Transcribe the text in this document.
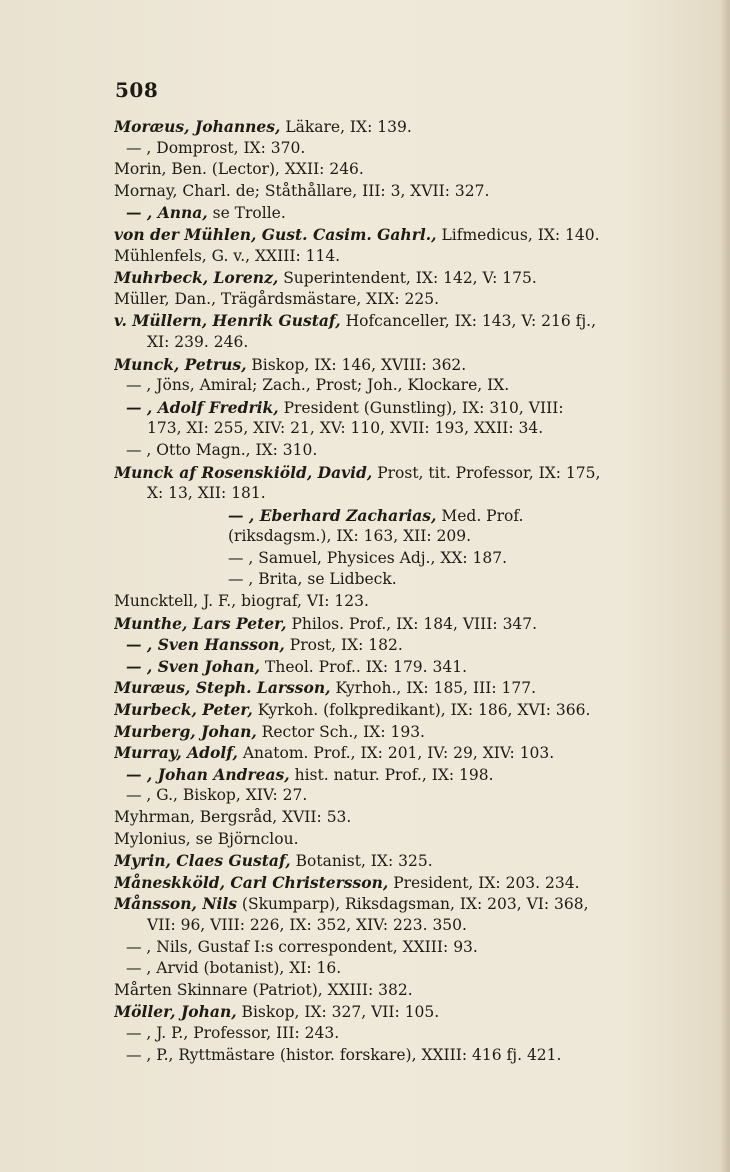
508
Moræus, Johannes, Läkare, IX: 139.
— , Domprost, IX: 370.
Morin, Ben. (Lector), XXII: 246.
Mornay, Charl. de; Ståthållare, III: 3, XVII: 327.
— , Anna, se Trolle.
von der Mühlen, Gust. Casim. Gahrl., Lifmedicus, IX: 140.
Mühlenfels, G. v., XXIII: 114.
Muhrbeck, Lorenz, Superintendent, IX: 142, V: 175.
Müller, Dan., Trägårdsmästare, XIX: 225.
v. Müllern, Henrik Gustaf, Hofcanceller, IX: 143, V: 216 fj.,
XI: 239. 246.
Munck, Petrus, Biskop, IX: 146, XVIII: 362.
— , Jöns, Amiral; Zach., Prost; Joh., Klockare, IX.
— , Adolf Fredrik, President (Gunstling), IX: 310, VIII:
173, XI: 255, XIV: 21, XV: 110, XVII: 193, XXII: 34.
— , Otto Magn., IX: 310.
Munck af Rosenskiöld, David, Prost, tit. Professor, IX: 175,
X: 13, XII: 181.
— , Eberhard Zacharias, Med. Prof.
(riksdagsm.), IX: 163, XII: 209.
— , Samuel, Physices Adj., XX: 187.
— , Brita, se Lidbeck.
Muncktell, J. F., biograf, VI: 123.
Munthe, Lars Peter, Philos. Prof., IX: 184, VIII: 347.
— , Sven Hansson, Prost, IX: 182.
— , Sven Johan, Theol. Prof.. IX: 179. 341.
Muræus, Steph. Larsson, Kyrhoh., IX: 185, III: 177.
Murbeck, Peter, Kyrkoh. (folkpredikant), IX: 186, XVI: 366.
Murberg, Johan, Rector Sch., IX: 193.
Murray, Adolf, Anatom. Prof., IX: 201, IV: 29, XIV: 103.
— , Johan Andreas, hist. natur. Prof., IX: 198.
— , G., Biskop, XIV: 27.
Myhrman, Bergsråd, XVII: 53.
Mylonius, se Björnclou.
Myrin, Claes Gustaf, Botanist, IX: 325.
Måneskköld, Carl Christersson, President, IX: 203. 234.
Månsson, Nils (Skumparp), Riksdagsman, IX: 203, VI: 368,
VII: 96, VIII: 226, IX: 352, XIV: 223. 350.
— , Nils, Gustaf I:s correspondent, XXIII: 93.
— , Arvid (botanist), XI: 16.
Mårten Skinnare (Patriot), XXIII: 382.
Möller, Johan, Biskop, IX: 327, VII: 105.
— , J. P., Professor, III: 243.
— , P., Ryttmästare (histor. forskare), XXIII: 416 fj. 421.
